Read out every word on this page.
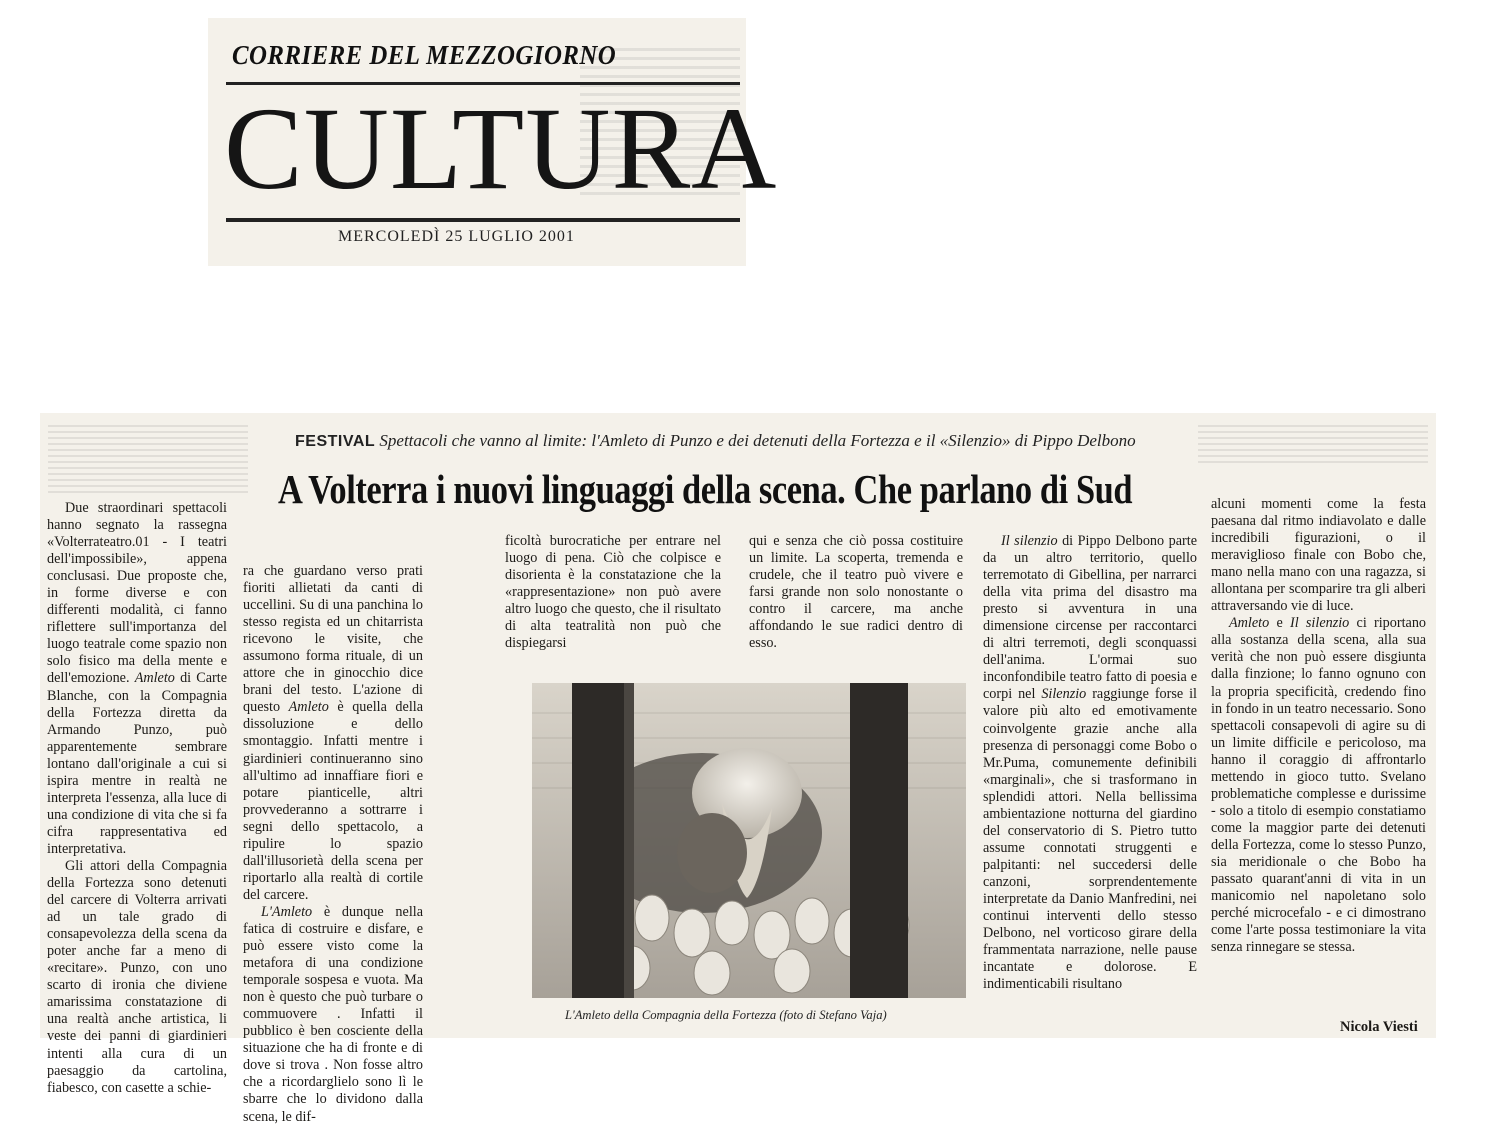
CORRIERE DEL MEZZOGIORNO
CULTURA
MERCOLEDÌ 25 LUGLIO 2001
FESTIVAL Spettacoli che vanno al limite: l'Amleto di Punzo e dei detenuti della Fortezza e il «Silenzio» di Pippo Delbono
A Volterra i nuovi linguaggi della scena. Che parlano di Sud

Due straordinari spettacoli hanno segnato la rassegna «Volterrateatro.01 - I teatri dell'impossibile», appena conclusasi. Due proposte che, in forme diverse e con differenti modalità, ci fanno riflettere sull'importanza del luogo teatrale come spazio non solo fisico ma della mente e dell'emozione. Amleto di Carte Blanche, con la Compagnia della Fortezza diretta da Armando Punzo, può apparentemente sembrare lontano dall'originale a cui si ispira mentre in realtà ne interpreta l'essenza, alla luce di una condizione di vita che si fa cifra rappresentativa ed interpretativa.

Gli attori della Compagnia della Fortezza sono detenuti del carcere di Volterra arrivati ad un tale grado di consapevolezza della scena da poter anche far a meno di «recitare». Punzo, con uno scarto di ironia che diviene amarissima constatazione di una realtà anche artistica, li veste dei panni di giardinieri intenti alla cura di un paesaggio da cartolina, fiabesco, con casette a schie-

ra che guardano verso prati fioriti allietati da canti di uccellini. Su di una panchina lo stesso regista ed un chitarrista ricevono le visite, che assumono forma rituale, di un attore che in ginocchio dice brani del testo. L'azione di questo Amleto è quella della dissoluzione e dello smontaggio. Infatti mentre i giardinieri continueranno sino all'ultimo ad innaffiare fiori e potare pianticelle, altri provvederanno a sottrarre i segni dello spettacolo, a ripulire lo spazio dall'illusorietà della scena per riportarlo alla realtà di cortile del carcere.

L'Amleto è dunque nella fatica di costruire e disfare, e può essere visto come la metafora di una condizione temporale sospesa e vuota. Ma non è questo che può turbare o commuovere . Infatti il pubblico è ben cosciente della situazione che ha di fronte e di dove si trova . Non fosse altro che a ricordarglielo sono lì le sbarre che lo dividono dalla scena, le dif-

ficoltà burocratiche per entrare nel luogo di pena. Ciò che colpisce e disorienta è la constatazione che la «rappresentazione» non può avere altro luogo che questo, che il risultato di alta teatralità non può che dispiegarsi

qui e senza che ciò possa costituire un limite. La scoperta, tremenda e crudele, che il teatro può vivere e farsi grande non solo nonostante o contro il carcere, ma anche affondando le sue radici dentro di esso.

Il silenzio di Pippo Delbono parte da un altro territorio, quello terremotato di Gibellina, per narrarci della vita prima del disastro ma presto si avventura in una dimensione circense per raccontarci di altri terremoti, degli sconquassi dell'anima. L'ormai suo inconfondibile teatro fatto di poesia e corpi nel Silenzio raggiunge forse il valore più alto ed emotivamente coinvolgente grazie anche alla presenza di personaggi come Bobo o Mr.Puma, comunemente definibili «marginali», che si trasformano in splendidi attori. Nella bellissima ambientazione notturna del giardino del conservatorio di S. Pietro tutto assume connotati struggenti e palpitanti: nel succedersi delle canzoni, sorprendentemente interpretate da Danio Manfredini, nei continui interventi dello stesso Delbono, nel vorticoso girare della frammentata narrazione, nelle pause incantate e dolorose. E indimenticabili risultano

alcuni momenti come la festa paesana dal ritmo indiavolato e dalle incredibili figurazioni, o il meraviglioso finale con Bobo che, mano nella mano con una ragazza, si allontana per scomparire tra gli alberi attraversando vie di luce.

Amleto e Il silenzio ci riportano alla sostanza della scena, alla sua verità che non può essere disgiunta dalla finzione; lo fanno ognuno con la propria specificità, credendo fino in fondo in un teatro necessario. Sono spettacoli consapevoli di agire su di un limite difficile e pericoloso, ma hanno il coraggio di affrontarlo mettendo in gioco tutto. Svelano problematiche complesse e durissime - solo a titolo di esempio constatiamo come la maggior parte dei detenuti della Fortezza, come lo stesso Punzo, sia meridionale o che Bobo ha passato quarant'anni di vita in un manicomio nel napoletano solo perché microcefalo - e ci dimostrano come l'arte possa testimoniare la vita senza rinnegare se stessa.

Nicola Viesti
L'Amleto della Compagnia della Fortezza (foto di Stefano Vaja)
